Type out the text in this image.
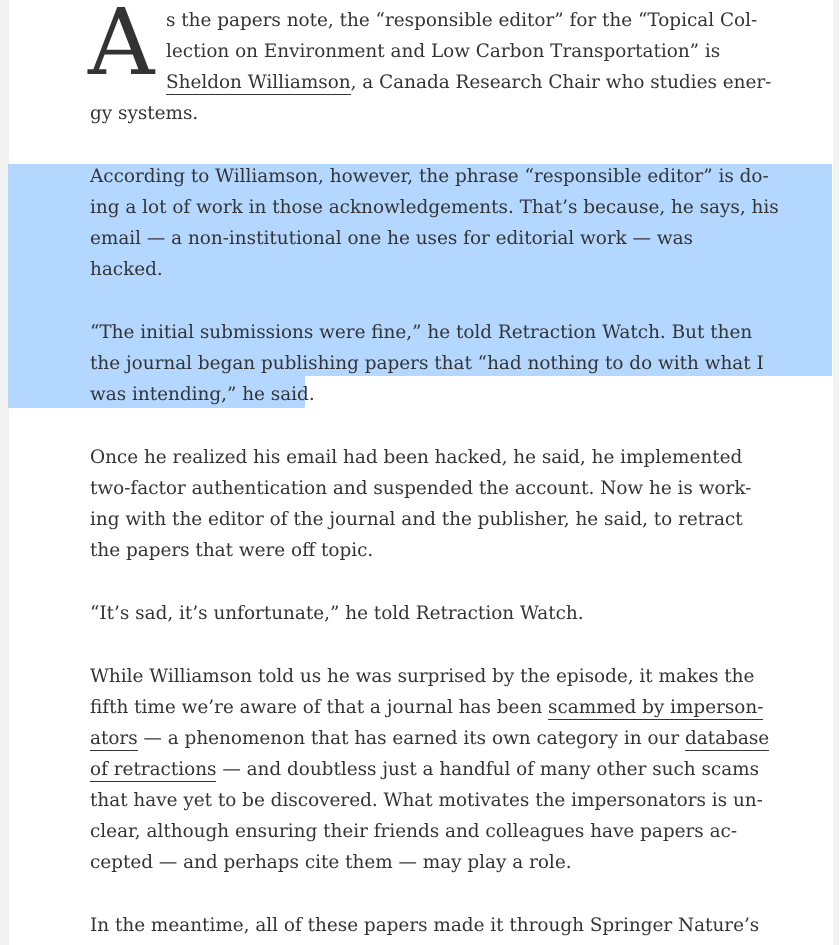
A s the papers note, the “responsible editor” for the “Topical Col-
lection on Environment and Low Carbon Transportation” is
Sheldon Williamson, a Canada Research Chair who studies ener-
gy systems.
According to Williamson, however, the phrase “responsible editor” is do-
ing a lot of work in those acknowledgements. That’s because, he says, his
email — a non-institutional one he uses for editorial work — was
hacked.
“The initial submissions were fine,” he told Retraction Watch. But then
the journal began publishing papers that “had nothing to do with what I
was intending,” he said.
Once he realized his email had been hacked, he said, he implemented
two-factor authentication and suspended the account. Now he is work-
ing with the editor of the journal and the publisher, he said, to retract
the papers that were off topic.
“It’s sad, it’s unfortunate,” he told Retraction Watch.
While Williamson told us he was surprised by the episode, it makes the
fifth time we’re aware of that a journal has been scammed by imperson-
ators — a phenomenon that has earned its own category in our database
of retractions — and doubtless just a handful of many other such scams
that have yet to be discovered. What motivates the impersonators is un-
clear, although ensuring their friends and colleagues have papers ac-
cepted — and perhaps cite them — may play a role.
In the meantime, all of these papers made it through Springer Nature’s
